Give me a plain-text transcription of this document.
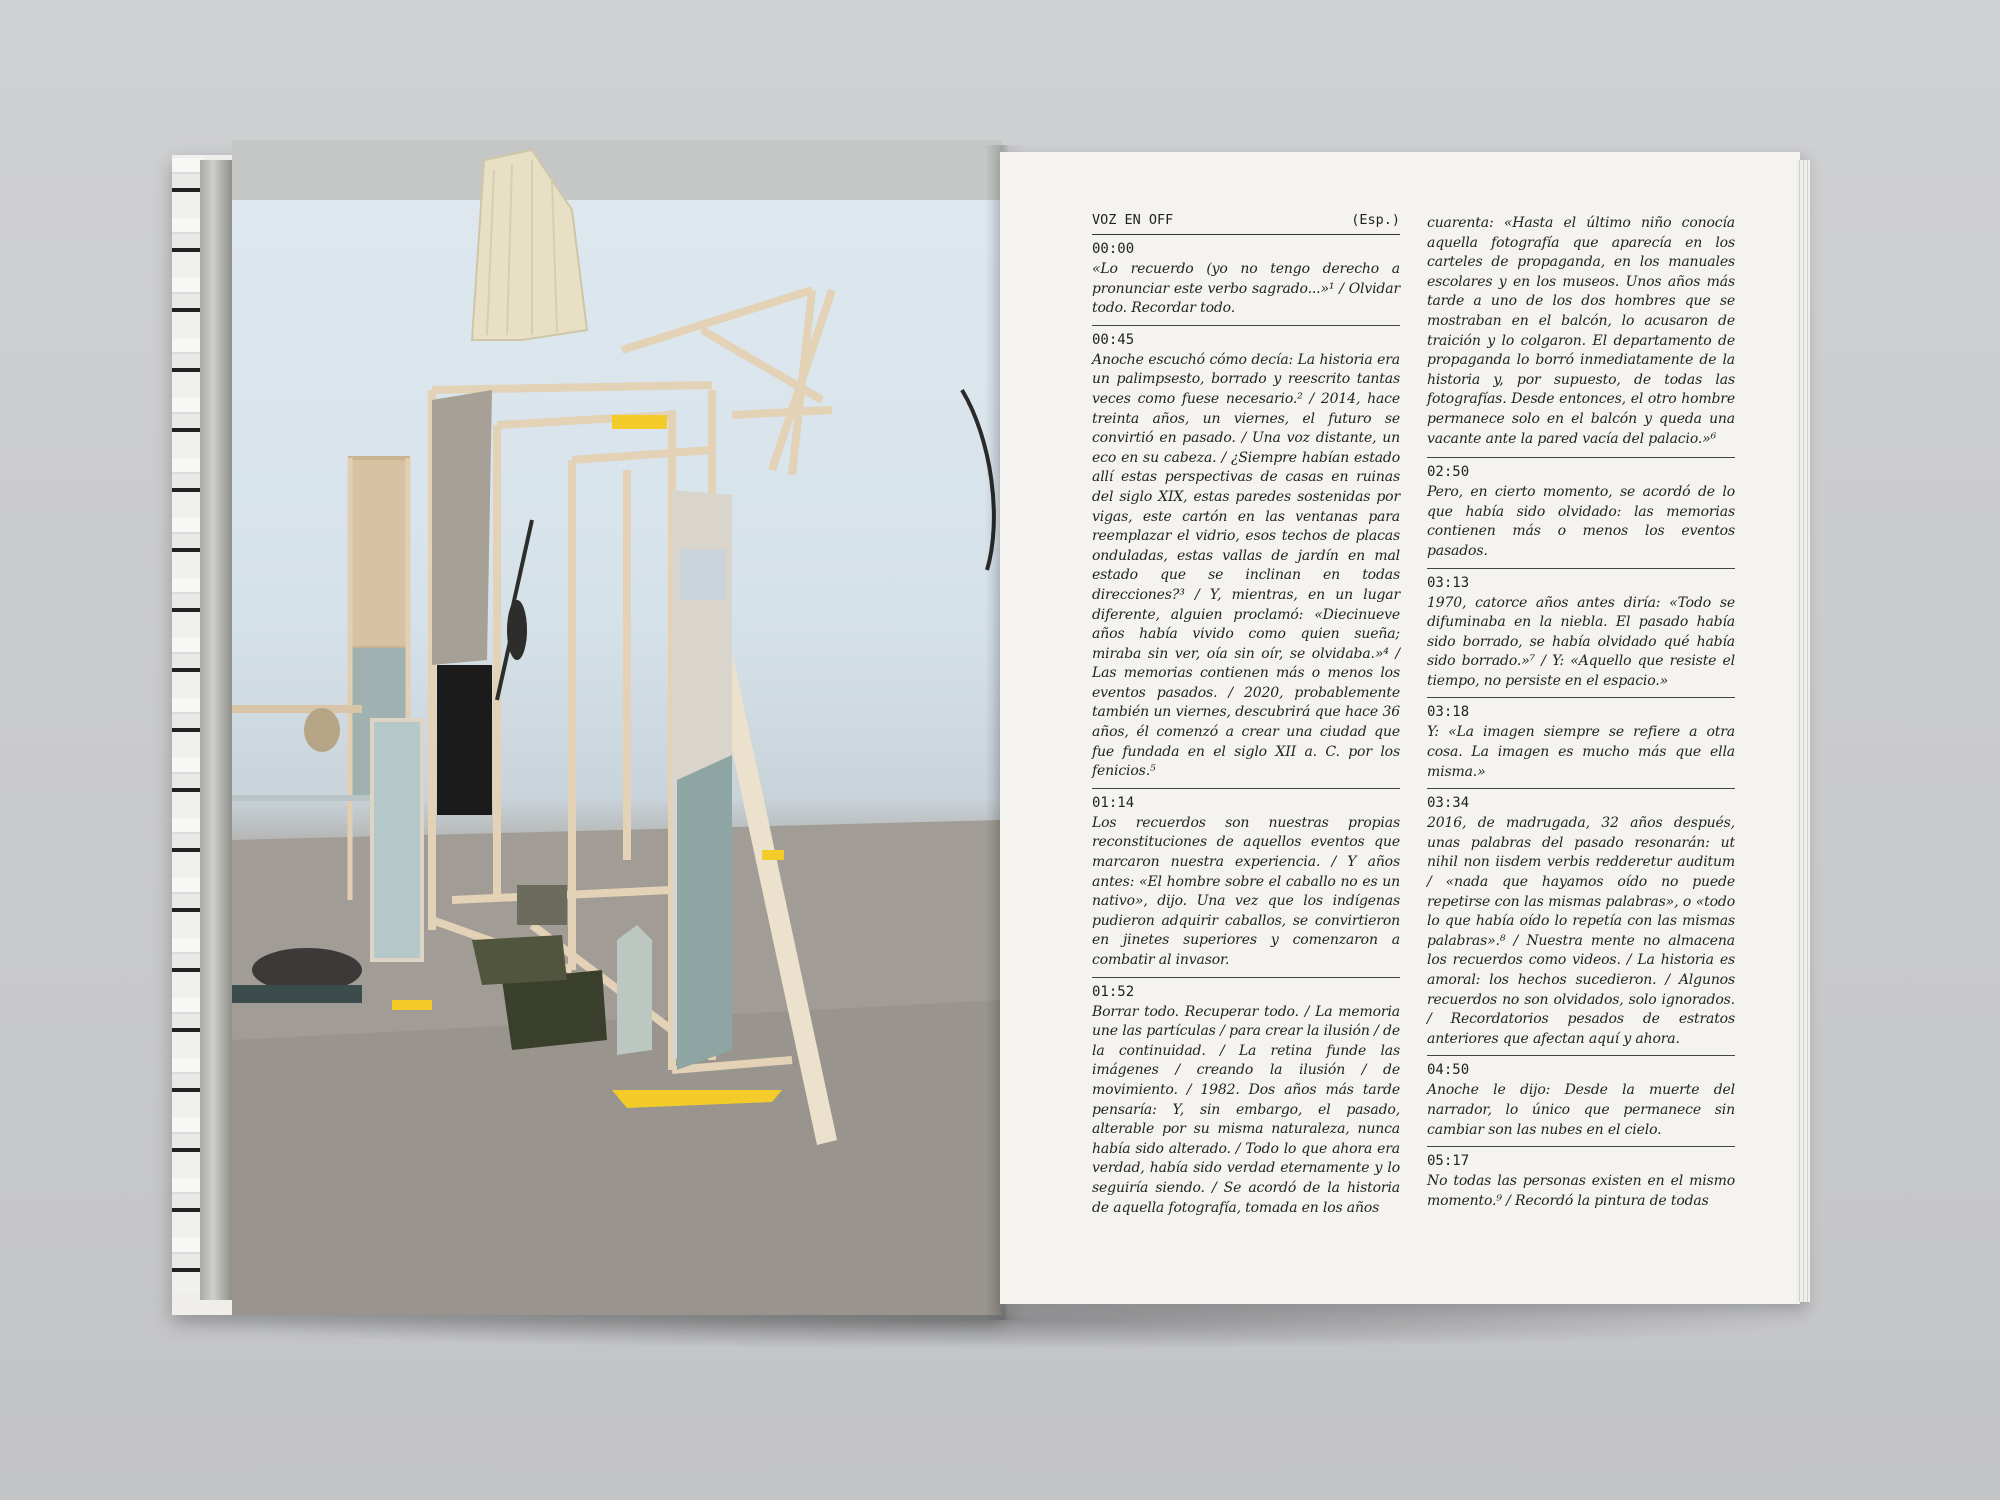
VOZ EN OFF	(Esp.)
00:00
«Lo recuerdo (yo no tengo derecho a pronunciar este verbo sagrado...»¹ / Olvidar todo. Recordar todo.
00:45
Anoche escuchó cómo decía: La historia era un palimpsesto, borrado y reescrito tantas veces como fuese necesario.² / 2014, hace treinta años, un viernes, el futuro se convirtió en pasado. / Una voz distante, un eco en su cabeza. / ¿Siempre habían estado allí estas perspectivas de casas en ruinas del siglo XIX, estas paredes sostenidas por vigas, este cartón en las ventanas para reemplazar el vidrio, esos techos de placas onduladas, estas vallas de jardín en mal estado que se inclinan en todas direcciones?³ / Y, mientras, en un lugar diferente, alguien proclamó: «Diecinueve años había vivido como quien sueña; miraba sin ver, oía sin oír, se olvidaba.»⁴ / Las memorias contienen más o menos los eventos pasados. / 2020, probablemente también un viernes, descubrirá que hace 36 años, él comenzó a crear una ciudad que fue fundada en el siglo XII a. C. por los fenicios.⁵
01:14
Los recuerdos son nuestras propias reconstituciones de aquellos eventos que marcaron nuestra experiencia. / Y años antes: «El hombre sobre el caballo no es un nativo», dijo. Una vez que los indígenas pudieron adquirir caballos, se convirtieron en jinetes superiores y comenzaron a combatir al invasor.
01:52
Borrar todo. Recuperar todo. / La memoria une las partículas / para crear la ilusión / de la continuidad. / La retina funde las imágenes / creando la ilusión / de movimiento. / 1982. Dos años más tarde pensaría: Y, sin embargo, el pasado, alterable por su misma naturaleza, nunca había sido alterado. / Todo lo que ahora era verdad, había sido verdad eternamente y lo seguiría siendo. / Se acordó de la historia de aquella fotografía, tomada en los años
cuarenta: «Hasta el último niño conocía aquella fotografía que aparecía en los carteles de propaganda, en los manuales escolares y en los museos. Unos años más tarde a uno de los dos hombres que se mostraban en el balcón, lo acusaron de traición y lo colgaron. El departamento de propaganda lo borró inmediatamente de la historia y, por supuesto, de todas las fotografías. Desde entonces, el otro hombre permanece solo en el balcón y queda una vacante ante la pared vacía del palacio.»⁶
02:50
Pero, en cierto momento, se acordó de lo que había sido olvidado: las memorias contienen más o menos los eventos pasados.
03:13
1970, catorce años antes diría: «Todo se difuminaba en la niebla. El pasado había sido borrado, se había olvidado qué había sido borrado.»⁷ / Y: «Aquello que resiste el tiempo, no persiste en el espacio.»
03:18
Y: «La imagen siempre se refiere a otra cosa. La imagen es mucho más que ella misma.»
03:34
2016, de madrugada, 32 años después, unas palabras del pasado resonarán: ut nihil non iisdem verbis redderetur auditum / «nada que hayamos oído no puede repetirse con las mismas palabras», o «todo lo que había oído lo repetía con las mismas palabras».⁸ / Nuestra mente no almacena los recuerdos como videos. / La historia es amoral: los hechos sucedieron. / Algunos recuerdos no son olvidados, solo ignorados. / Recordatorios pesados de estratos anteriores que afectan aquí y ahora.
04:50
Anoche le dijo: Desde la muerte del narrador, lo único que permanece sin cambiar son las nubes en el cielo.
05:17
No todas las personas existen en el mismo momento.⁹ / Recordó la pintura de todas
